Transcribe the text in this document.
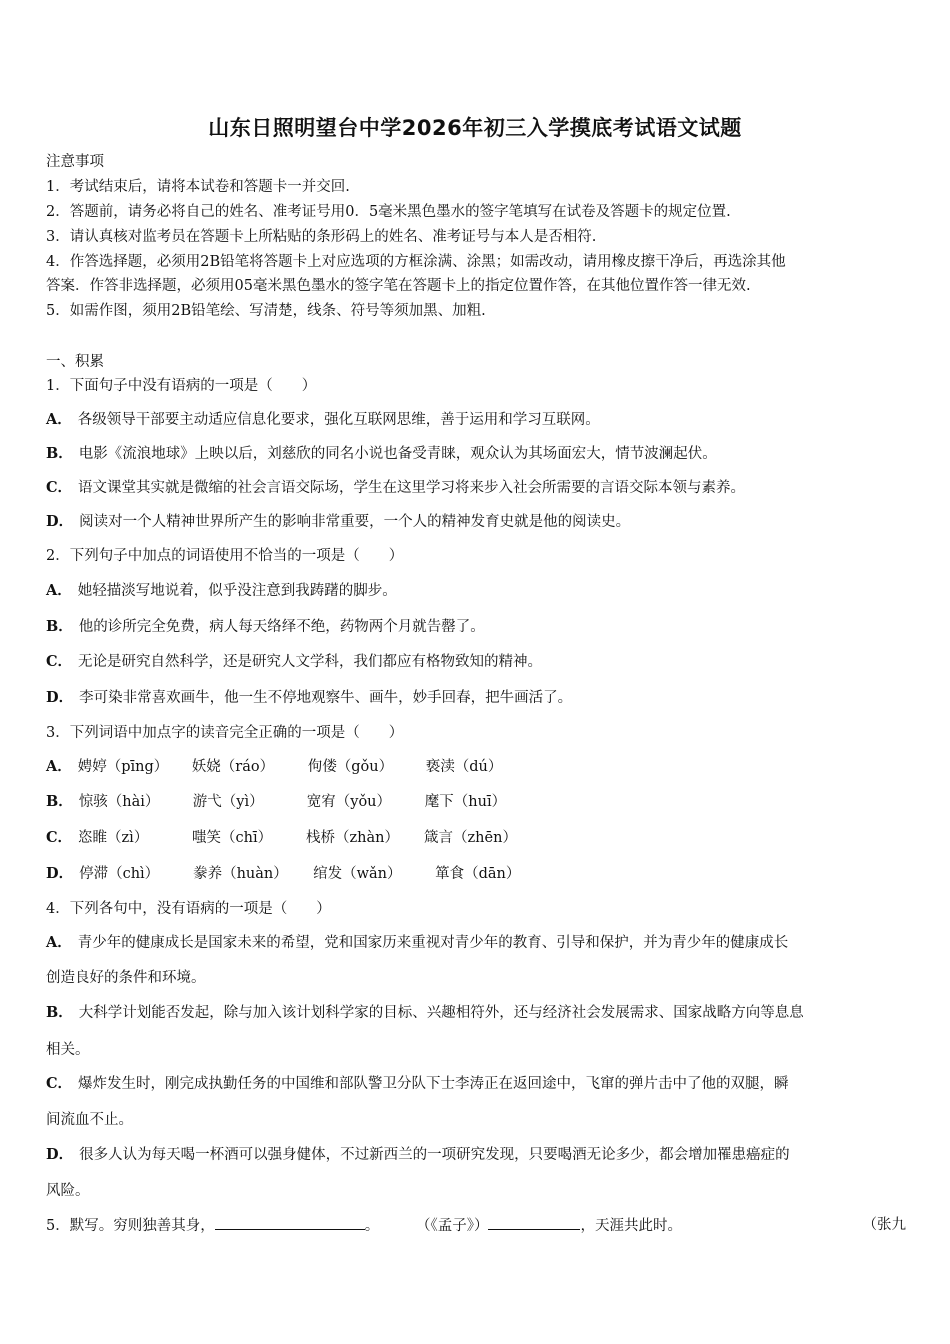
山东日照明望台中学2026年初三入学摸底考试语文试题
注意事项
1．考试结束后，请将本试卷和答题卡一并交回.
2．答题前，请务必将自己的姓名、准考证号用0．5毫米黑色墨水的签字笔填写在试卷及答题卡的规定位置.
3．请认真核对监考员在答题卡上所粘贴的条形码上的姓名、准考证号与本人是否相符.
4．作答选择题，必须用2B铅笔将答题卡上对应选项的方框涂满、涂黑；如需改动，请用橡皮擦干净后，再选涂其他
答案．作答非选择题，必须用05毫米黑色墨水的签字笔在答题卡上的指定位置作答，在其他位置作答一律无效.
5．如需作图，须用2B铅笔绘、写清楚，线条、符号等须加黑、加粗.
一、积累
1．下面句子中没有语病的一项是（　　）
A． 各级领导干部要主动适应信息化要求，强化互联网思维，善于运用和学习互联网。
B． 电影《流浪地球》上映以后，刘慈欣的同名小说也备受青睐，观众认为其场面宏大，情节波澜起伏。
C． 语文课堂其实就是微缩的社会言语交际场，学生在这里学习将来步入社会所需要的言语交际本领与素养。
D． 阅读对一个人精神世界所产生的影响非常重要，一个人的精神发育史就是他的阅读史。
2．下列句子中加点的词语使用不恰当的一项是（　　）
A． 她轻描淡写地说着，似乎没注意到我踌躇的脚步。
B． 他的诊所完全免费，病人每天络绎不绝，药物两个月就告罄了。
C． 无论是研究自然科学，还是研究人文学科，我们都应有格物致知的精神。
D． 李可染非常喜欢画牛，他一生不停地观察牛、画牛，妙手回春，把牛画活了。
3．下列词语中加点字的读音完全正确的一项是（　　）
A． 娉婷（pīng） 妖娆（ráo） 佝偻（gǒu） 亵渎（dú）
B． 惊骇（hài） 游弋（yì）	宽宥（yǒu） 麾下（huī）
C． 恣睢（zì）	嗤笑（chī） 栈桥（zhàn） 箴言（zhēn）
D． 停滞（chì） 豢养（huàn） 绾发（wǎn） 箪食（dān）
4．下列各句中，没有语病的一项是（　　）
A． 青少年的健康成长是国家未来的希望，党和国家历来重视对青少年的教育、引导和保护，并为青少年的健康成长
创造良好的条件和环境。
B． 大科学计划能否发起，除与加入该计划科学家的目标、兴趣相符外，还与经济社会发展需求、国家战略方向等息息
相关。
C． 爆炸发生时，刚完成执勤任务的中国维和部队警卫分队下士李涛正在返回途中，飞窜的弹片击中了他的双腿，瞬
间流血不止。
D． 很多人认为每天喝一杯酒可以强身健体，不过新西兰的一项研究发现，只要喝酒无论多少，都会增加罹患癌症的
风险。
5．默写。穷则独善其身，	。	（《孟子》）	，天涯共此时。	（张九
